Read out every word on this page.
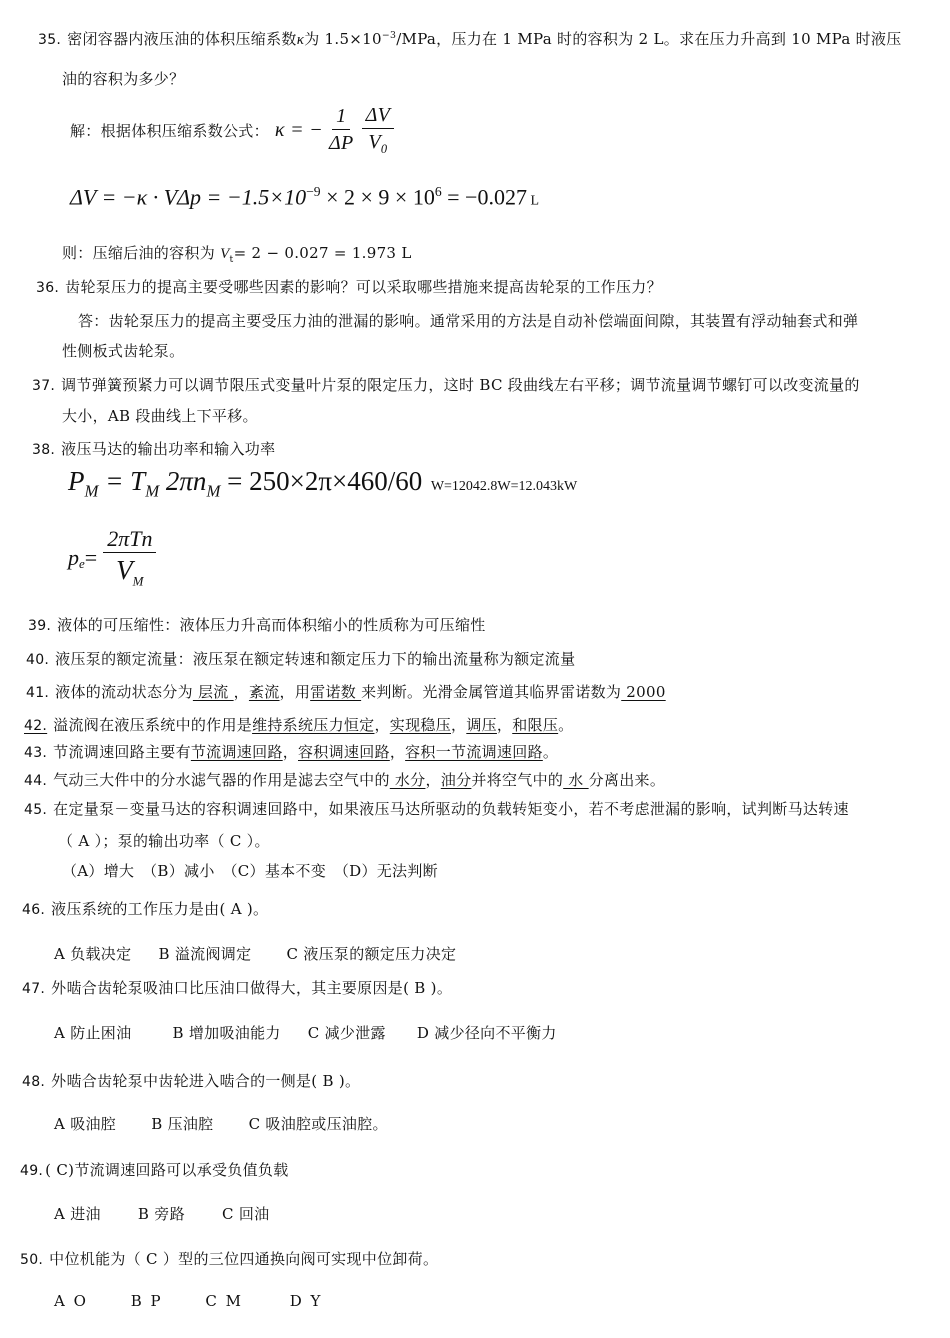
35. 密闭容器内液压油的体积压缩系数κ为 $1.5\times 10^{-3}$/MPa，压力在 1 MPa 时的容积为 2 L。求在压力升高到 10 MPa 时液压
油的容积为多少？
解：根据体积压缩系数公式： κ = − $\frac{1}{\Delta P} \frac{\Delta V}{V_0}$
$\Delta V = -\kappa \cdot V\Delta p = -1.5\times 10^{-9} \times 2 \times 9 \times 10^6 = -0.027$ L
则：压缩后油的容积为 $V_t= 2 - 0.027 = 1.973$ L
36. 齿轮泵压力的提高主要受哪些因素的影响？可以采取哪些措施来提高齿轮泵的工作压力？
答：齿轮泵压力的提高主要受压力油的泄漏的影响。通常采用的方法是自动补偿端面间隙，其装置有浮动轴套式和弹
性侧板式齿轮泵。
37. 调节弹簧预紧力可以调节限压式变量叶片泵的限定压力，这时 BC 段曲线左右平移；调节流量调节螺钉可以改变流量的
大小，AB 段曲线上下平移。
38. 液压马达的输出功率和输入功率
$P_M = T_M$ $2\pi n_M = 250\times 2\pi\times 460/60$ W=12042.8W=12.043kW
$p_e = \frac{\text{2πTn}}{V_M}$
39. 液体的可压缩性：液体压力升高而体积缩小的性质称为可压缩性
40. 液压泵的额定流量：液压泵在额定转速和额定压力下的输出流量称为额定流量
41. 液体的流动状态分为 层流 ，紊流，用雷诺数 来判断。光滑金属管道其临界雷诺数为 2000
42. 溢流阀在液压系统中的作用是维持系统压力恒定，实现稳压，调压，和限压。
43. 节流调速回路主要有节流调速回路，容积调速回路，容积一节流调速回路。
44. 气动三大件中的分水滤气器的作用是滤去空气中的 水分，油分并将空气中的 水 分离出来。
45. 在定量泵－变量马达的容积调速回路中，如果液压马达所驱动的负载转矩变小，若不考虑泄漏的影响，试判断马达转速
（ A ）；泵的输出功率（ C ）。
（A）增大　（B）减小　（C）基本不变　（D）无法判断
46. 液压系统的工作压力是由( A )。
A 负载决定 B 溢流阀调定 C 液压泵的额定压力决定
47. 外啮合齿轮泵吸油口比压油口做得大，其主要原因是( B )。
A 防止困油	B 增加吸油能力 C 减少泄露 D 减少径向不平衡力
48. 外啮合齿轮泵中齿轮进入啮合的一侧是( B )。
A 吸油腔 B 压油腔 C 吸油腔或压油腔。
49. ( C)节流调速回路可以承受负值负载
A 进油 B 旁路 C 回油
50. 中位机能为（ C ）型的三位四通换向阀可实现中位卸荷。
A O	B P	C M	D Y
